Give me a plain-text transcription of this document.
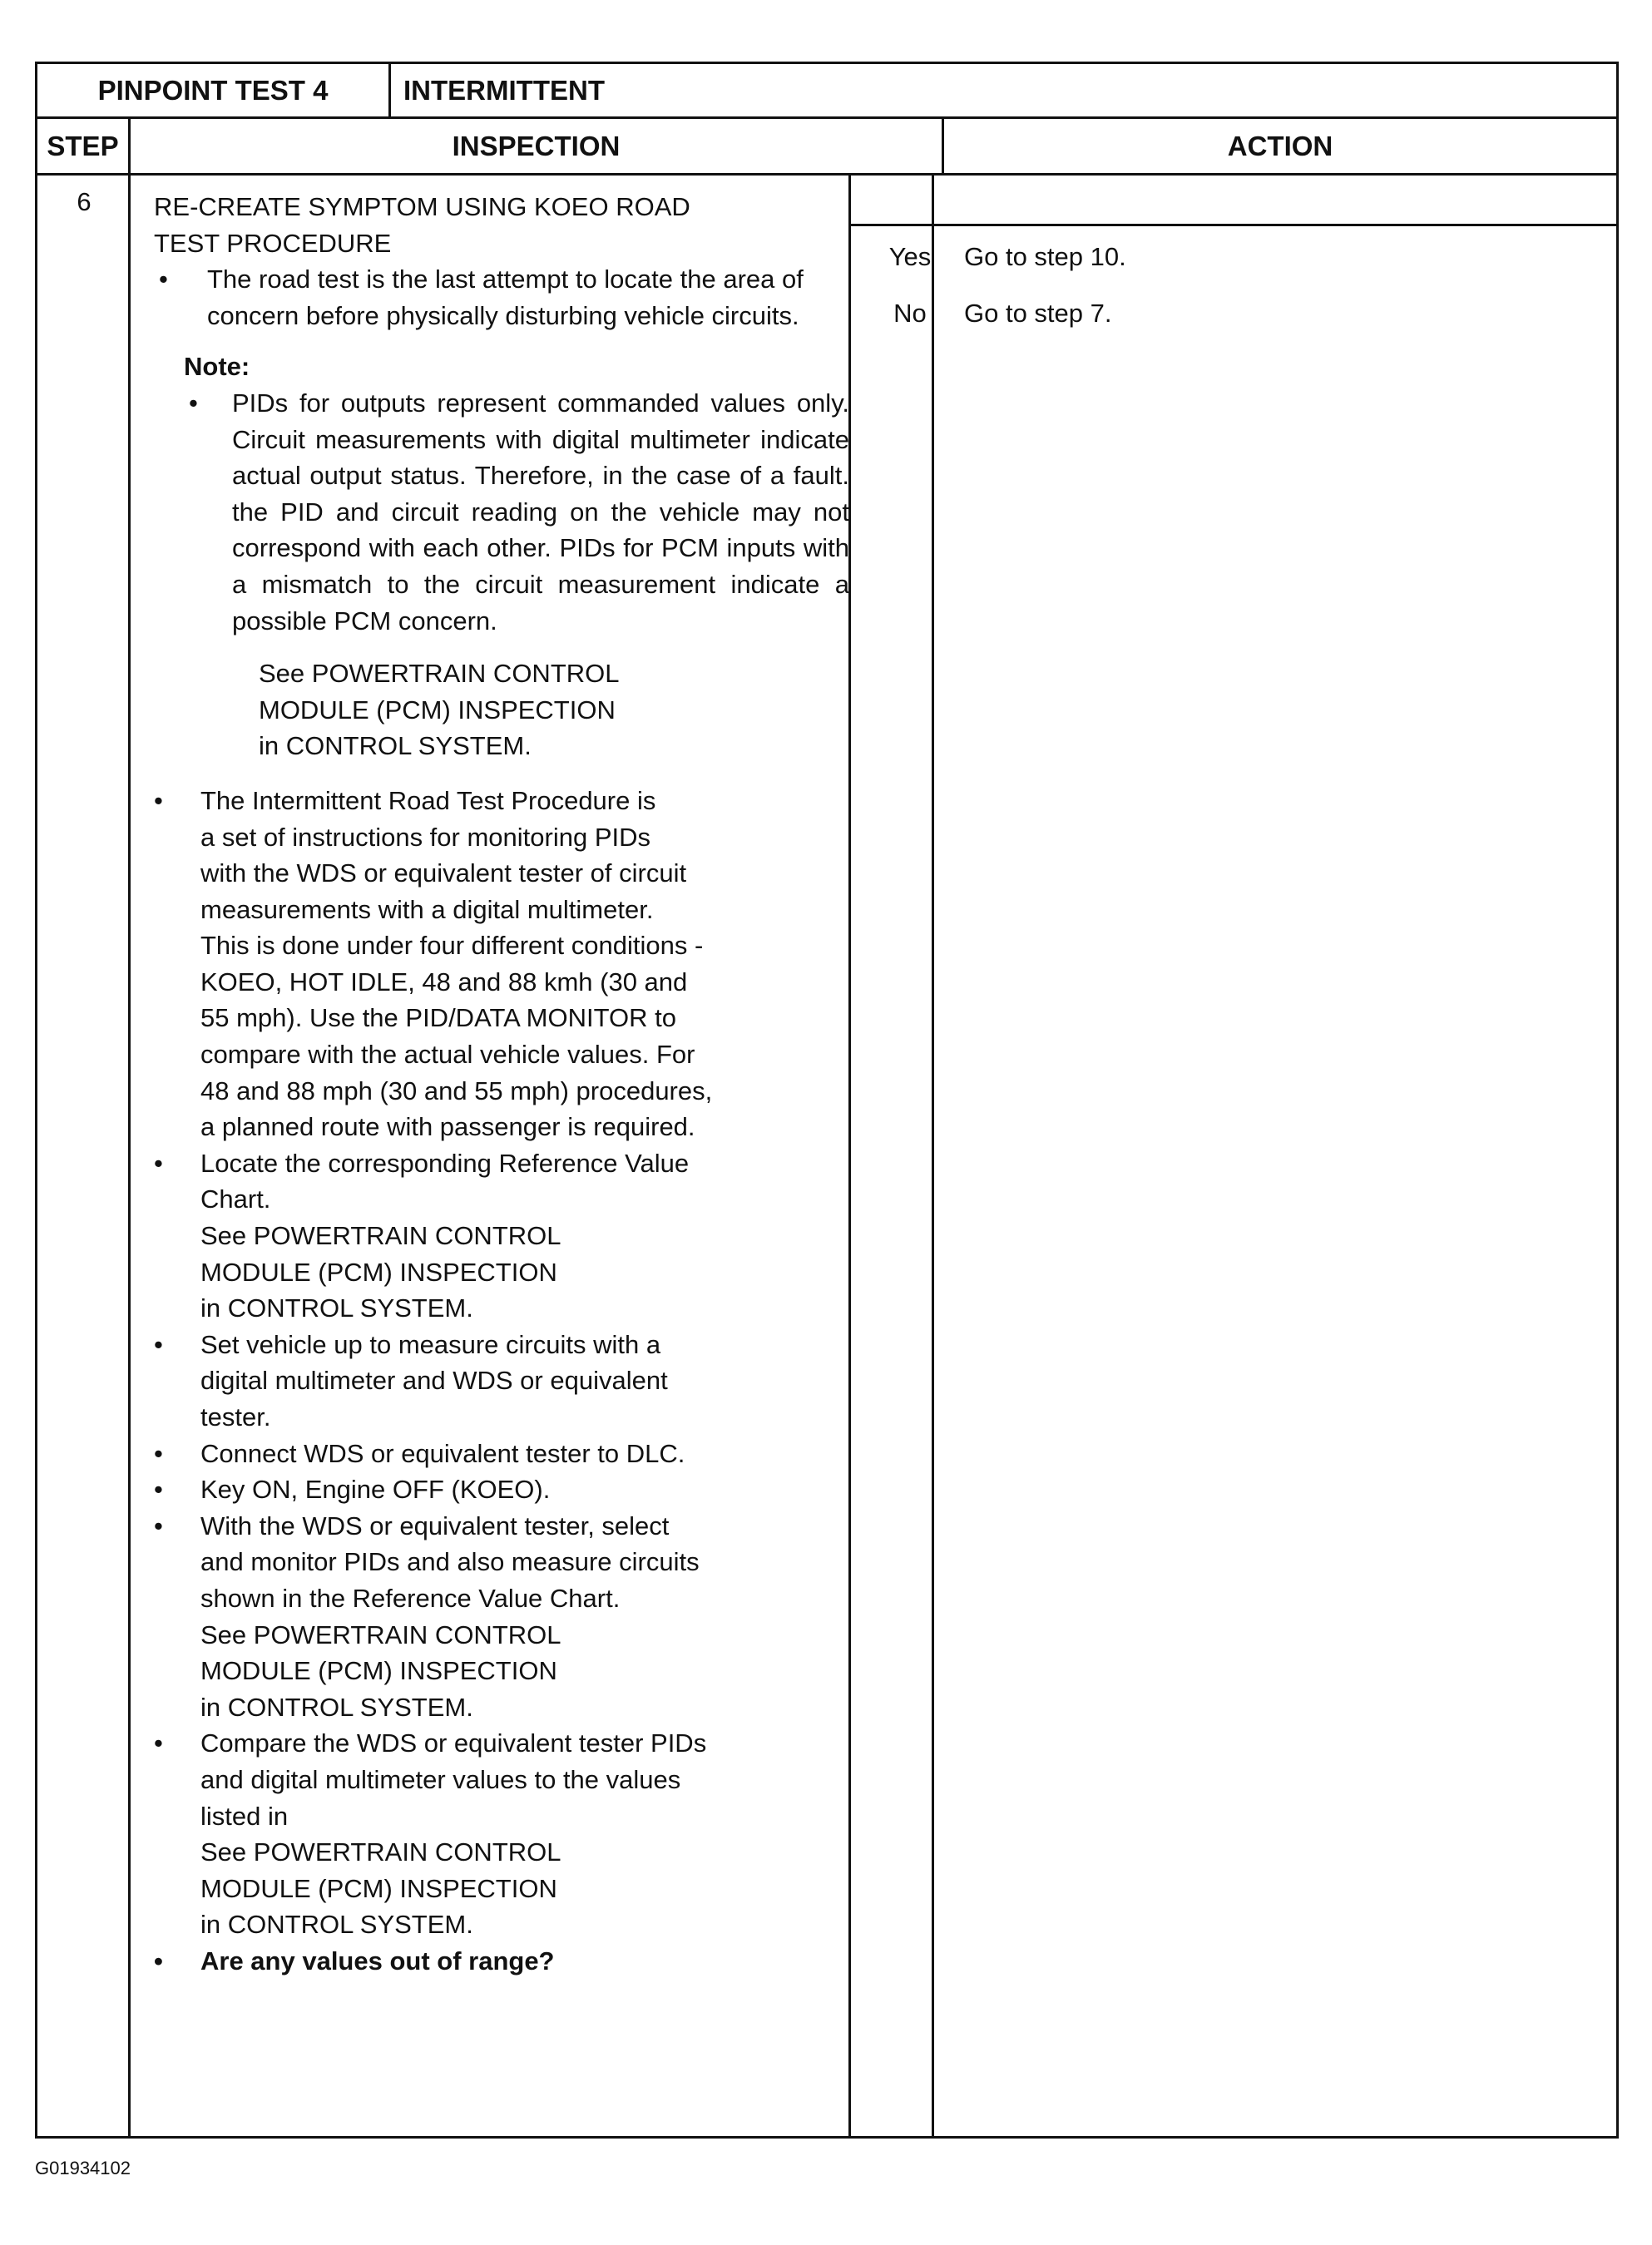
PINPOINT TEST 4	INTERMITTENT
STEP	INSPECTION	ACTION
6	RE-CREATE SYMPTOM USING KOEO ROAD

TEST PROCEDURE

• The road test is the last attempt to locate the area of concern before physically disturbing vehicle circuits.

Note:

• PIDs for outputs represent commanded values only. Circuit measurements with digital multimeter indicate actual output status. Therefore, in the case of a fault. the PID and circuit reading on the vehicle may not correspond with each other. PIDs for PCM inputs with a mismatch to the circuit measurement indicate a possible PCM concern.

See POWERTRAIN CONTROL

MODULE (PCM) INSPECTION

in CONTROL SYSTEM.

• The Intermittent Road Test Procedure is

a set of instructions for monitoring PIDs

with the WDS or equivalent tester of circuit

measurements with a digital multimeter.

This is done under four different conditions -

KOEO, HOT IDLE, 48 and 88 kmh (30 and

55 mph). Use the PID/DATA MONITOR to

compare with the actual vehicle values. For

48 and 88 mph (30 and 55 mph) procedures,

a planned route with passenger is required.

• Locate the corresponding Reference Value

Chart.

See POWERTRAIN CONTROL

MODULE (PCM) INSPECTION

in CONTROL SYSTEM.

• Set vehicle up to measure circuits with a

digital multimeter and WDS or equivalent

tester.

• Connect WDS or equivalent tester to DLC.

• Key ON, Engine OFF (KOEO).

• With the WDS or equivalent tester, select

and monitor PIDs and also measure circuits

shown in the Reference Value Chart.

See POWERTRAIN CONTROL

MODULE (PCM) INSPECTION

in CONTROL SYSTEM.

• Compare the WDS or equivalent tester PIDs

and digital multimeter values to the values

listed in

See POWERTRAIN CONTROL

MODULE (PCM) INSPECTION

in CONTROL SYSTEM.

• Are any values out of range?

Yes	Go to step 10.
No	Go to step 7.
G01934102
